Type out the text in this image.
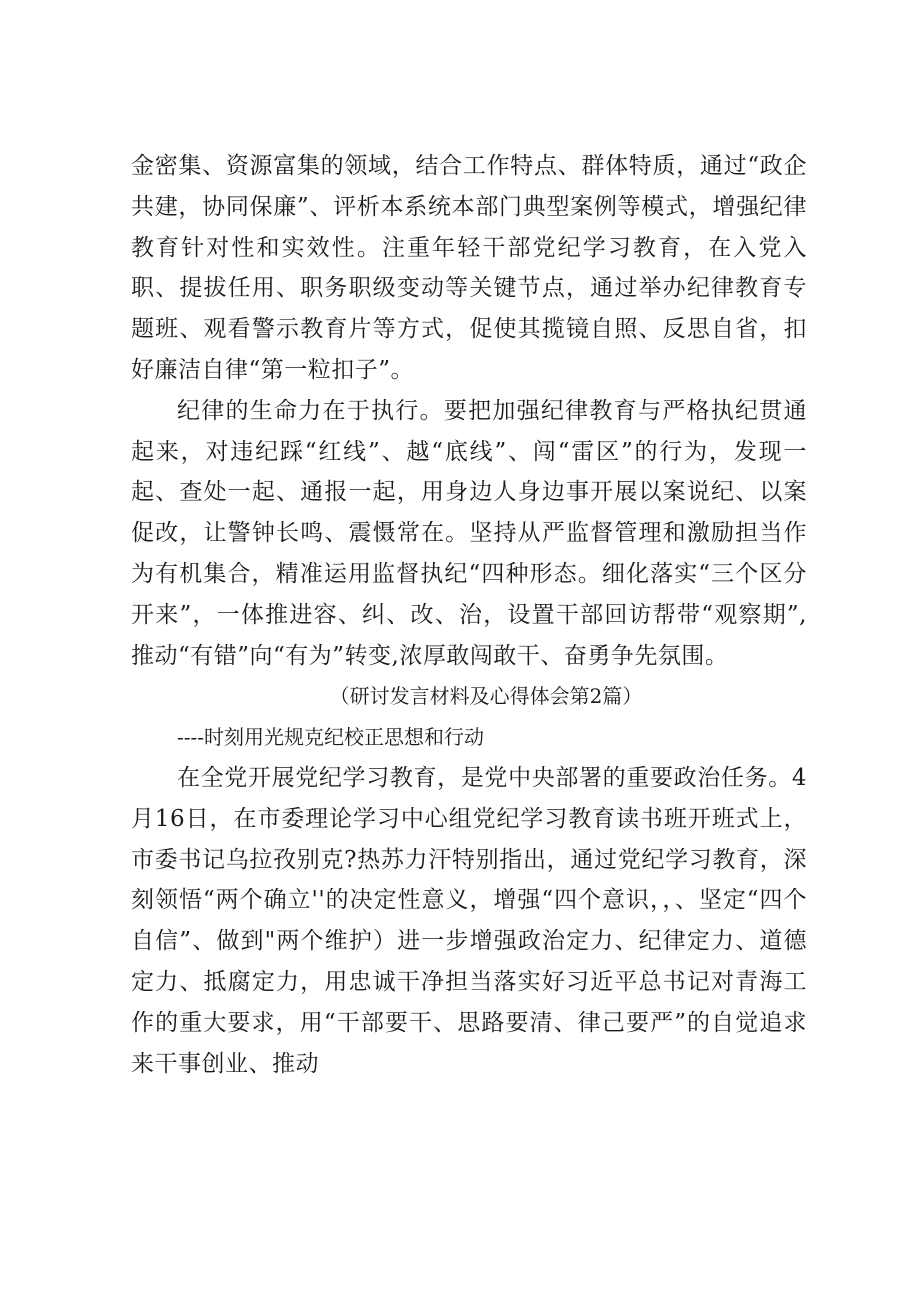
金密集、资源富集的领域，结合工作特点、群体特质，通过“政企共建，协同保廉”、评析本系统本部门典型案例等模式，增强纪律教育针对性和实效性。注重年轻干部党纪学习教育，在入党入职、提拔任用、职务职级变动等关键节点，通过举办纪律教育专题班、观看警示教育片等方式，促使其揽镜自照、反思自省，扣好廉洁自律“第一粒扣子”。

纪律的生命力在于执行。要把加强纪律教育与严格执纪贯通起来，对违纪踩“红线”、越“底线”、闯“雷区”的行为，发现一起、查处一起、通报一起，用身边人身边事开展以案说纪、以案促改，让警钟长鸣、震慑常在。坚持从严监督管理和激励担当作为有机集合，精准运用监督执纪“四种形态。细化落实“三个区分开来”，一体推进容、纠、改、治，设置干部回访帮带“观察期”,推动“有错”向“有为”转变,浓厚敢闯敢干、奋勇争先氛围。

（研讨发言材料及心得体会第2篇）

----时刻用光规克纪校正思想和行动

在全党开展党纪学习教育，是党中央部署的重要政治任务。4月16日，在市委理论学习中心组党纪学习教育读书班开班式上，市委书记乌拉孜别克?热苏力汗特别指出，通过党纪学习教育，深刻领悟“两个确立''的决定性意义，增强“四个意识，，、坚定“四个自信”、做到"两个维护）进一步增强政治定力、纪律定力、道德定力、抵腐定力，用忠诚干净担当落实好习近平总书记对青海工作的重大要求，用“干部要干、思路要清、律己要严”的自觉追求来干事创业、推动
